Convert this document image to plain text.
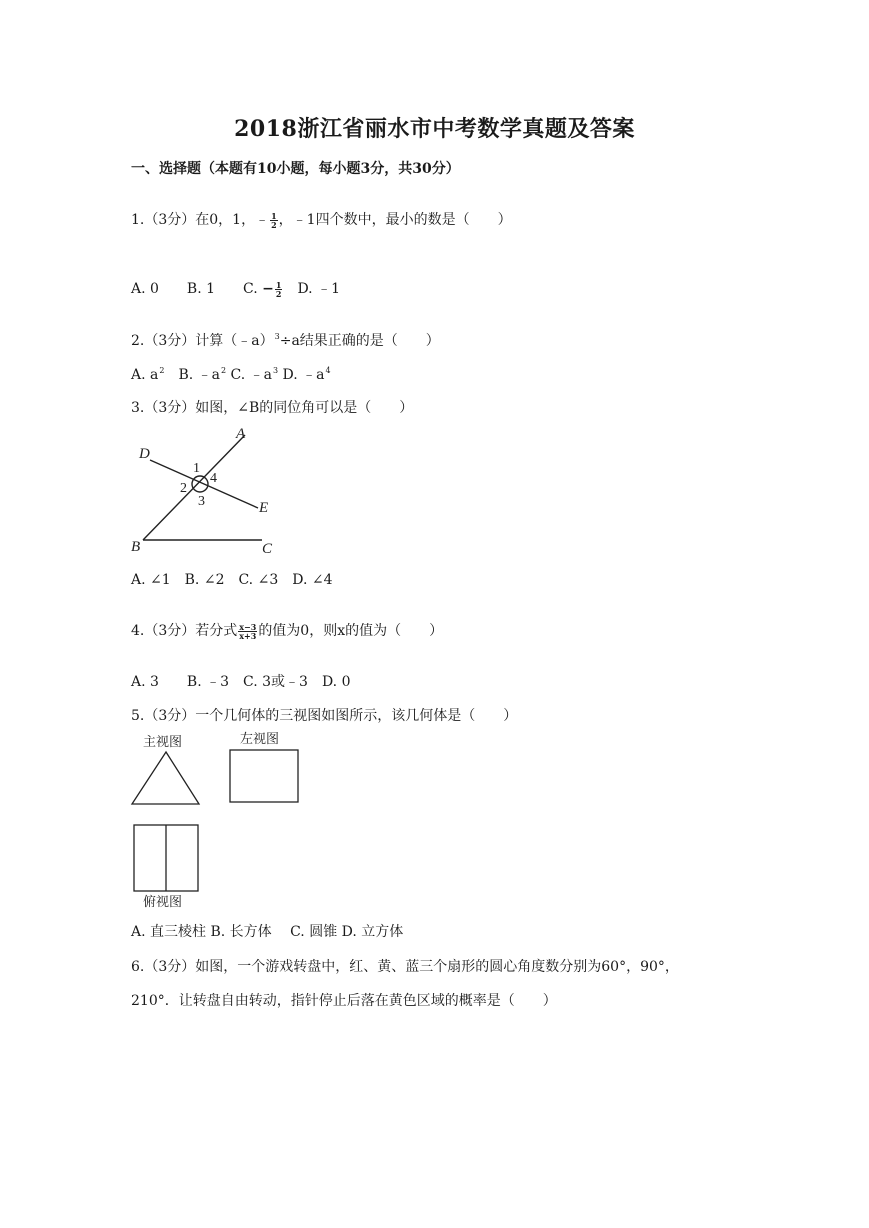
2018浙江省丽水市中考数学真题及答案
一、选择题（本题有10小题，每小题3分，共30分）
1.（3分）在0，1，﹣ $\frac{1}{2}$ ，﹣1四个数中，最小的数是（　　）
A. 0　　B. 1　　C. − $\frac{1}{2}$ 　D. ﹣1
2.（3分）计算（﹣a）$^3$÷a结果正确的是（　　）
A. $a^2$　B. $﹣a^2$ C. $﹣a^3$ D. $﹣a^4$
3.（3分）如图，∠B的同位角可以是（　　）
A
D
E
B	C
1
2
3
4
A. ∠1　B. ∠2　C. ∠3　D. ∠4
4.（3分）若分式 $\frac{x-3}{x+3}$ 的值为0，则x的值为（　　）
A. 3　　B. ﹣3　C. 3或﹣3　D. 0
5.（3分）一个几何体的三视图如图所示，该几何体是（　　）
主视图	左视图
俯视图
A. 直三棱柱 B. 长方体　 C. 圆锥 D. 立方体
6.（3分）如图，一个游戏转盘中，红、黄、蓝三个扇形的圆心角度数分别为60°，90°，
210°．让转盘自由转动，指针停止后落在黄色区域的概率是（　　）
